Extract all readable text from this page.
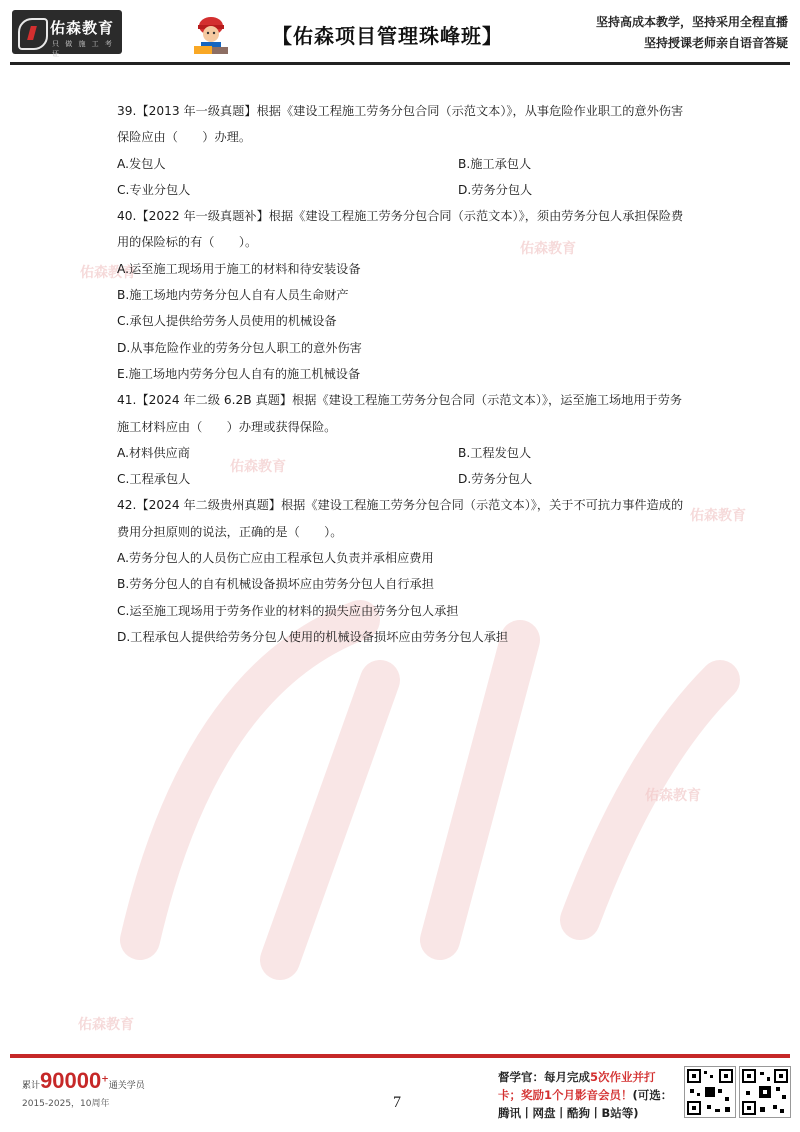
佑森教育
只 做 施 工 考 证
【佑森项目管理珠峰班】
坚持高成本教学，坚持采用全程直播
坚持授课老师亲自语音答疑
佑森教育
佑森教育
佑森教育
佑森教育
佑森教育
佑森教育

39.【2013 年一级真题】根据《建设工程施工劳务分包合同（示范文本）》，从事危险作业职工的意外伤害保险应由（　　）办理。

A.发包人	B.施工承包人
C.专业分包人	D.劳务分包人

40.【2022 年一级真题补】根据《建设工程施工劳务分包合同（示范文本）》，须由劳务分包人承担保险费用的保险标的有（　　）。

A.运至施工现场用于施工的材料和待安装设备

B.施工场地内劳务分包人自有人员生命财产

C.承包人提供给劳务人员使用的机械设备

D.从事危险作业的劳务分包人职工的意外伤害

E.施工场地内劳务分包人自有的施工机械设备

41.【2024 年二级 6.2B 真题】根据《建设工程施工劳务分包合同（示范文本）》，运至施工场地用于劳务施工材料应由（　　）办理或获得保险。

A.材料供应商	B.工程发包人
C.工程承包人	D.劳务分包人

42.【2024 年二级贵州真题】根据《建设工程施工劳务分包合同（示范文本）》，关于不可抗力事件造成的费用分担原则的说法，正确的是（　　）。

A.劳务分包人的人员伤亡应由工程承包人负责并承相应费用

B.劳务分包人的自有机械设备损坏应由劳务分包人自行承担

C.运至施工现场用于劳务作业的材料的损失应由劳务分包人承担

D.工程承包人提供给劳务分包人使用的机械设备损坏应由劳务分包人承担

累计90000+通关学员
2015-2025，10周年	7
督学官：每月完成5次作业并打卡；奖励1个月影音会员！(可选：腾讯丨网盘丨酷狗丨B站等)
